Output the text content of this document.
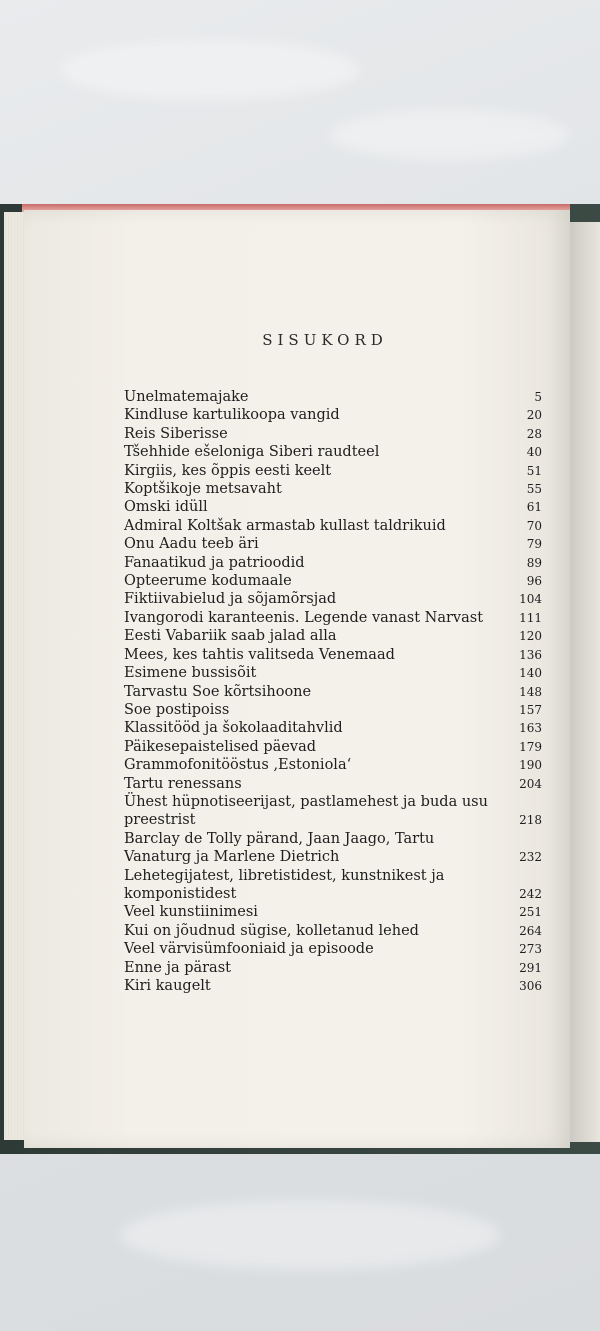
SISUKORD
Unelmatemajake	5
Kindluse kartulikoopa vangid	20
Reis Siberisse	28
Tšehhide ešeloniga Siberi raudteel	40
Kirgiis, kes õppis eesti keelt	51
Koptšikoje metsavaht	55
Omski idüll	61
Admiral Koltšak armastab kullast taldrikuid	70
Onu Aadu teeb äri	79
Fanaatikud ja patrioodid	89
Opteerume kodumaale	96
Fiktiivabielud ja sõjamõrsjad	104
Ivangorodi karanteenis. Legende vanast Narvast	111
Eesti Vabariik saab jalad alla	120
Mees, kes tahtis valitseda Venemaad	136
Esimene bussisõit	140
Tarvastu Soe kõrtsihoone	148
Soe postipoiss	157
Klassitööd ja šokolaaditahvlid	163
Päikesepaistelised päevad	179
Grammofonitööstus ‚Estoniola‘	190
Tartu renessans	204
Ühest hüpnotiseerijast, pastlamehest ja buda usu preestrist	218
Barclay de Tolly pärand, Jaan Jaago, Tartu Vanaturg ja Marlene Dietrich	232
Lehetegijatest, libretistidest, kunstnikest ja komponistidest	242
Veel kunstiinimesi	251
Kui on jõudnud sügise, kolletanud lehed	264
Veel värvisümfooniaid ja episoode	273
Enne ja pärast	291
Kiri kaugelt	306
